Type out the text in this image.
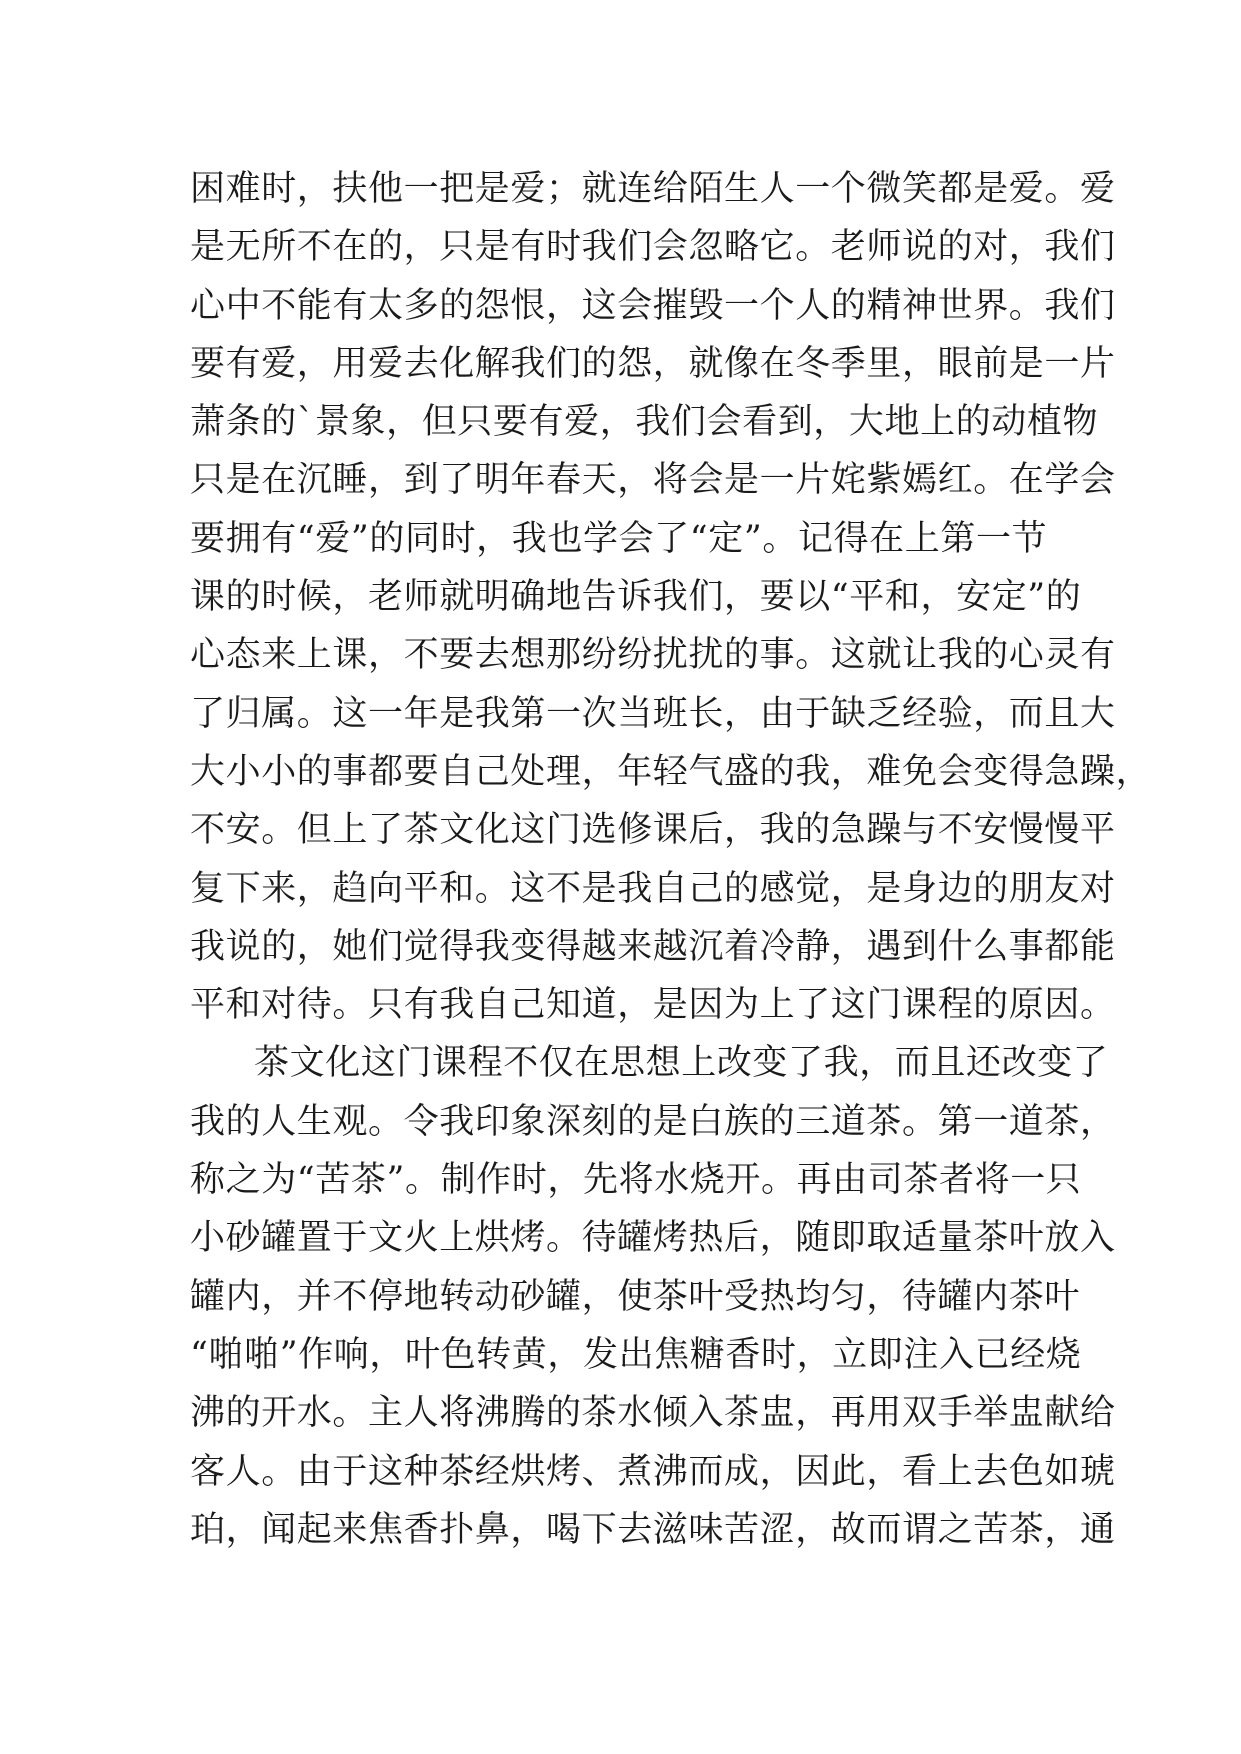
困难时，扶他一把是爱；就连给陌生人一个微笑都是爱。爱
是无所不在的，只是有时我们会忽略它。老师说的对，我们
心中不能有太多的怨恨，这会摧毁一个人的精神世界。我们
要有爱，用爱去化解我们的怨，就像在冬季里，眼前是一片
萧条的`景象，但只要有爱，我们会看到，大地上的动植物
只是在沉睡，到了明年春天，将会是一片姹紫嫣红。在学会
要拥有“爱”的同时，我也学会了“定”。记得在上第一节
课的时候，老师就明确地告诉我们，要以“平和，安定”的
心态来上课，不要去想那纷纷扰扰的事。这就让我的心灵有
了归属。这一年是我第一次当班长，由于缺乏经验，而且大
大小小的事都要自己处理，年轻气盛的我，难免会变得急躁，
不安。但上了茶文化这门选修课后，我的急躁与不安慢慢平
复下来，趋向平和。这不是我自己的感觉，是身边的朋友对
我说的，她们觉得我变得越来越沉着冷静，遇到什么事都能
平和对待。只有我自己知道，是因为上了这门课程的原因。
茶文化这门课程不仅在思想上改变了我，而且还改变了
我的人生观。令我印象深刻的是白族的三道茶。第一道茶，
称之为“苦茶”。制作时，先将水烧开。再由司茶者将一只
小砂罐置于文火上烘烤。待罐烤热后，随即取适量茶叶放入
罐内，并不停地转动砂罐，使茶叶受热均匀，待罐内茶叶
“啪啪”作响，叶色转黄，发出焦糖香时，立即注入已经烧
沸的开水。主人将沸腾的茶水倾入茶盅，再用双手举盅献给
客人。由于这种茶经烘烤、煮沸而成，因此，看上去色如琥
珀，闻起来焦香扑鼻，喝下去滋味苦涩，故而谓之苦茶，通
